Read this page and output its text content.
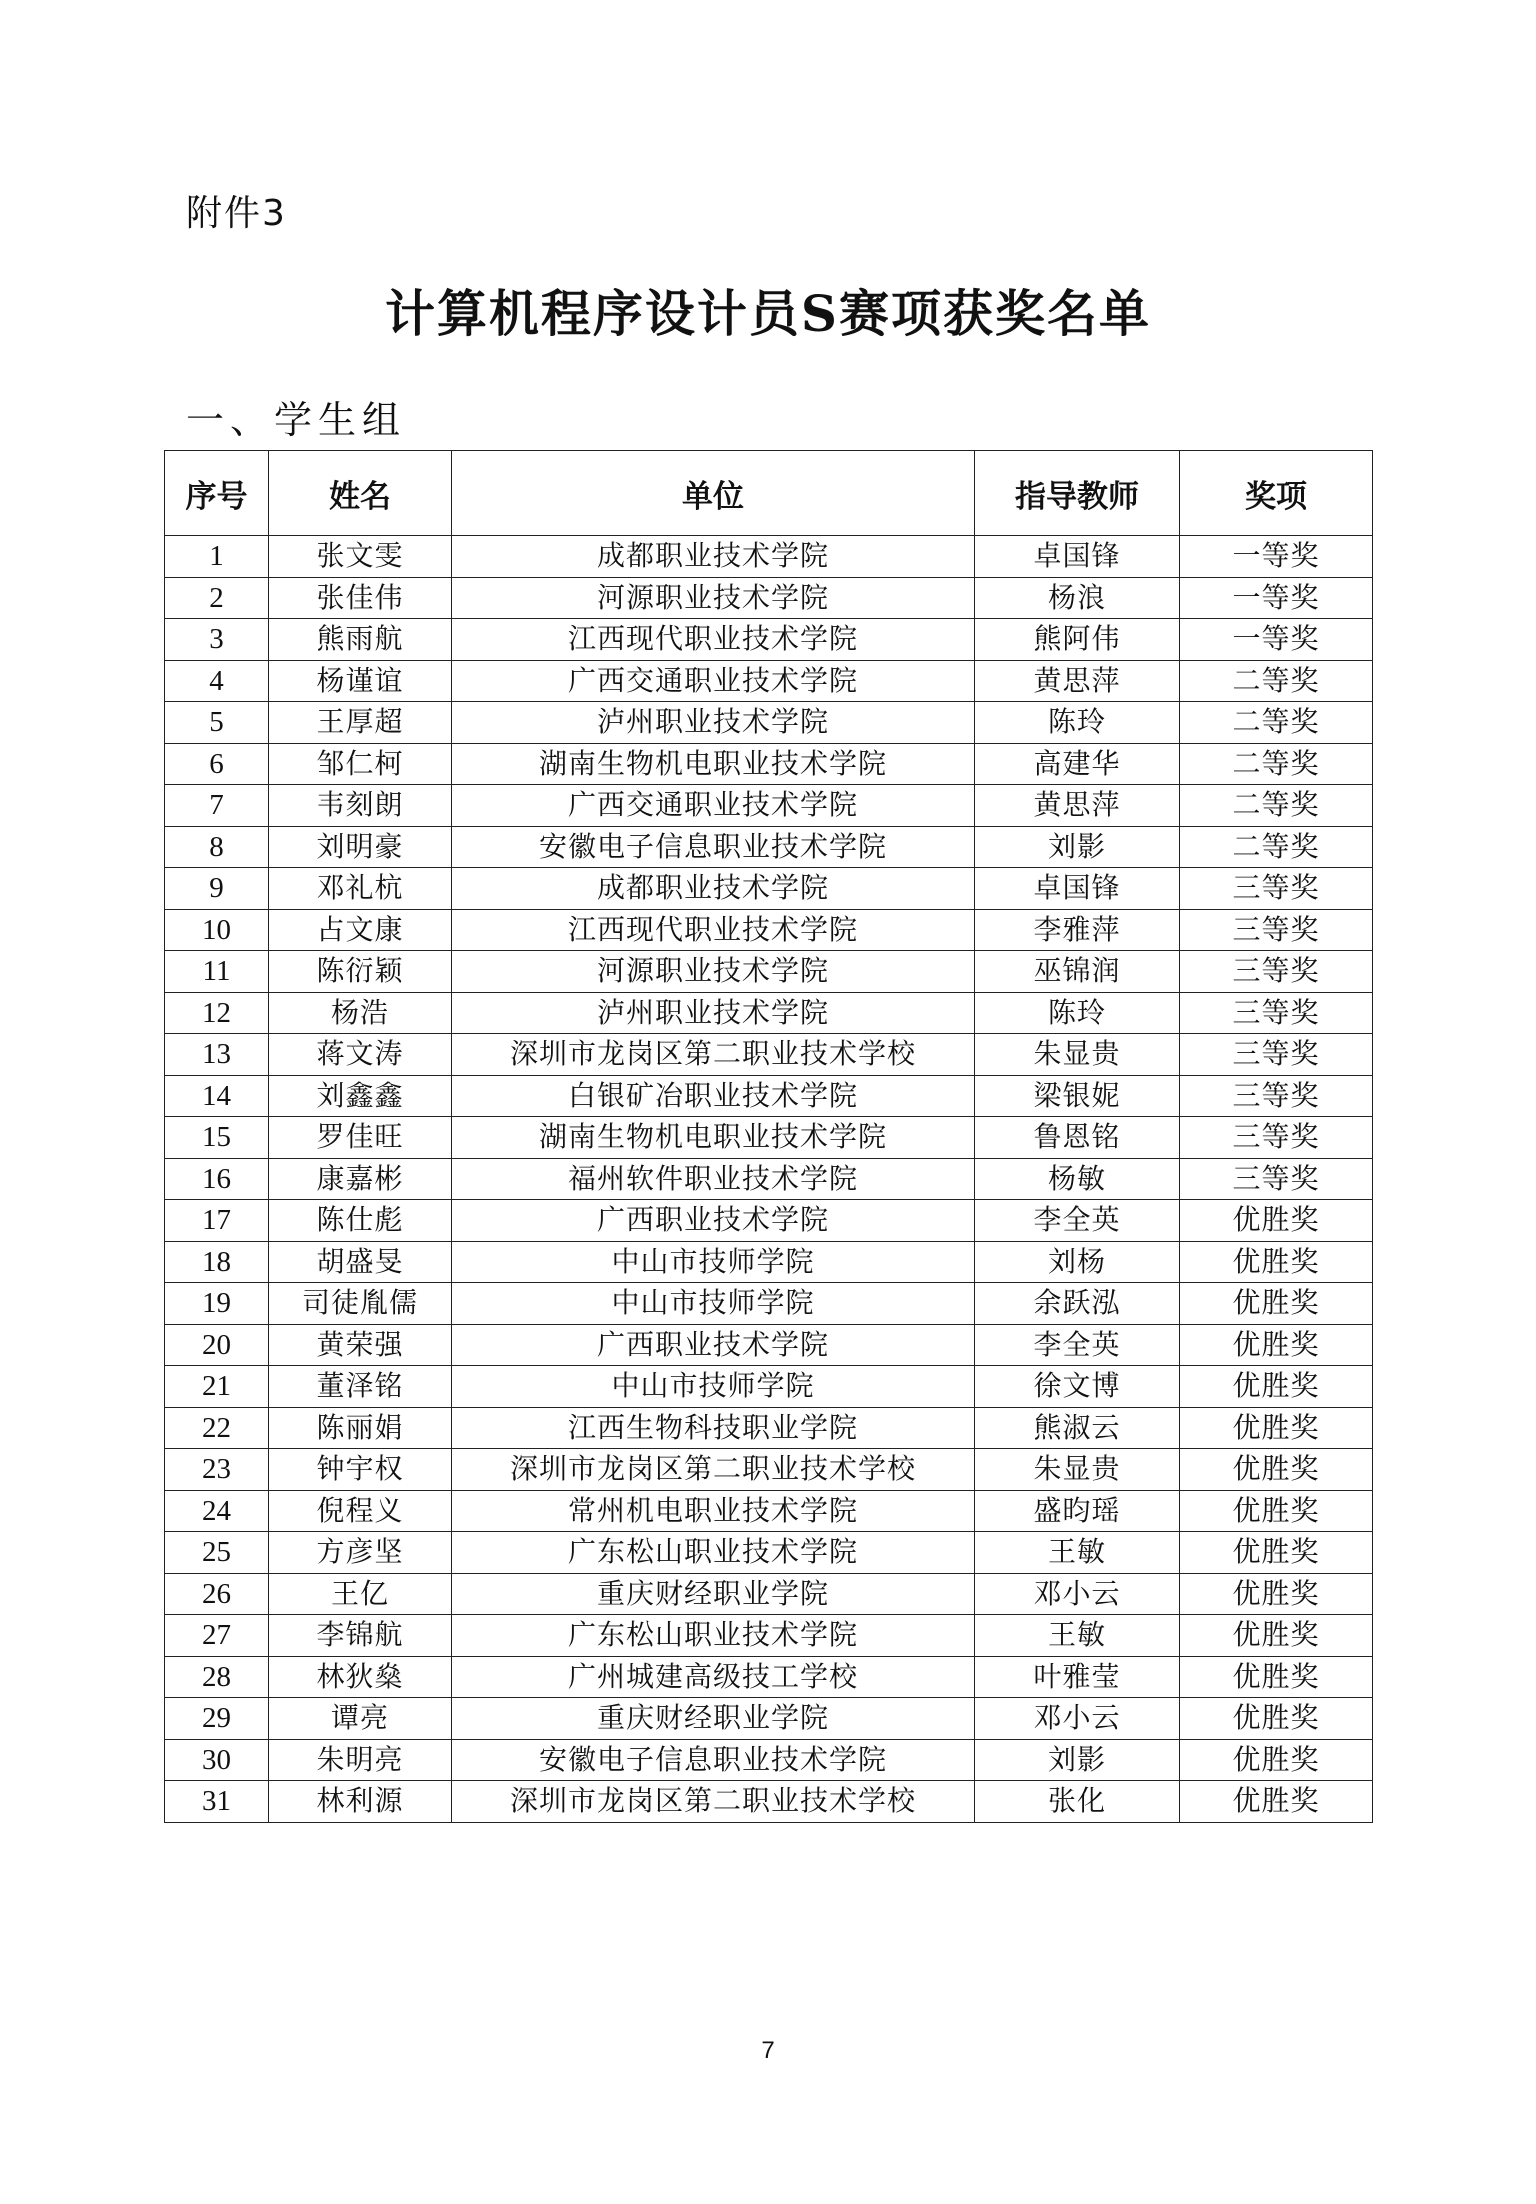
附件3
计算机程序设计员S赛项获奖名单
一、学生组
序号	姓名	单位	指导教师	奖项
1	张文雯	成都职业技术学院	卓国锋	一等奖
2	张佳伟	河源职业技术学院	杨浪	一等奖
3	熊雨航	江西现代职业技术学院	熊阿伟	一等奖
4	杨谨谊	广西交通职业技术学院	黄思萍	二等奖
5	王厚超	泸州职业技术学院	陈玲	二等奖
6	邹仁柯	湖南生物机电职业技术学院	高建华	二等奖
7	韦刻朗	广西交通职业技术学院	黄思萍	二等奖
8	刘明豪	安徽电子信息职业技术学院	刘影	二等奖
9	邓礼杭	成都职业技术学院	卓国锋	三等奖
10	占文康	江西现代职业技术学院	李雅萍	三等奖
11	陈衍颖	河源职业技术学院	巫锦润	三等奖
12	杨浩	泸州职业技术学院	陈玲	三等奖
13	蒋文涛	深圳市龙岗区第二职业技术学校	朱显贵	三等奖
14	刘鑫鑫	白银矿冶职业技术学院	梁银妮	三等奖
15	罗佳旺	湖南生物机电职业技术学院	鲁恩铭	三等奖
16	康嘉彬	福州软件职业技术学院	杨敏	三等奖
17	陈仕彪	广西职业技术学院	李全英	优胜奖
18	胡盛旻	中山市技师学院	刘杨	优胜奖
19	司徒胤儒	中山市技师学院	余跃泓	优胜奖
20	黄荣强	广西职业技术学院	李全英	优胜奖
21	董泽铭	中山市技师学院	徐文博	优胜奖
22	陈丽娟	江西生物科技职业学院	熊淑云	优胜奖
23	钟宇权	深圳市龙岗区第二职业技术学校	朱显贵	优胜奖
24	倪程义	常州机电职业技术学院	盛昀瑶	优胜奖
25	方彦坚	广东松山职业技术学院	王敏	优胜奖
26	王亿	重庆财经职业学院	邓小云	优胜奖
27	李锦航	广东松山职业技术学院	王敏	优胜奖
28	林狄燊	广州城建高级技工学校	叶雅莹	优胜奖
29	谭亮	重庆财经职业学院	邓小云	优胜奖
30	朱明亮	安徽电子信息职业技术学院	刘影	优胜奖
31	林利源	深圳市龙岗区第二职业技术学校	张化	优胜奖
7
